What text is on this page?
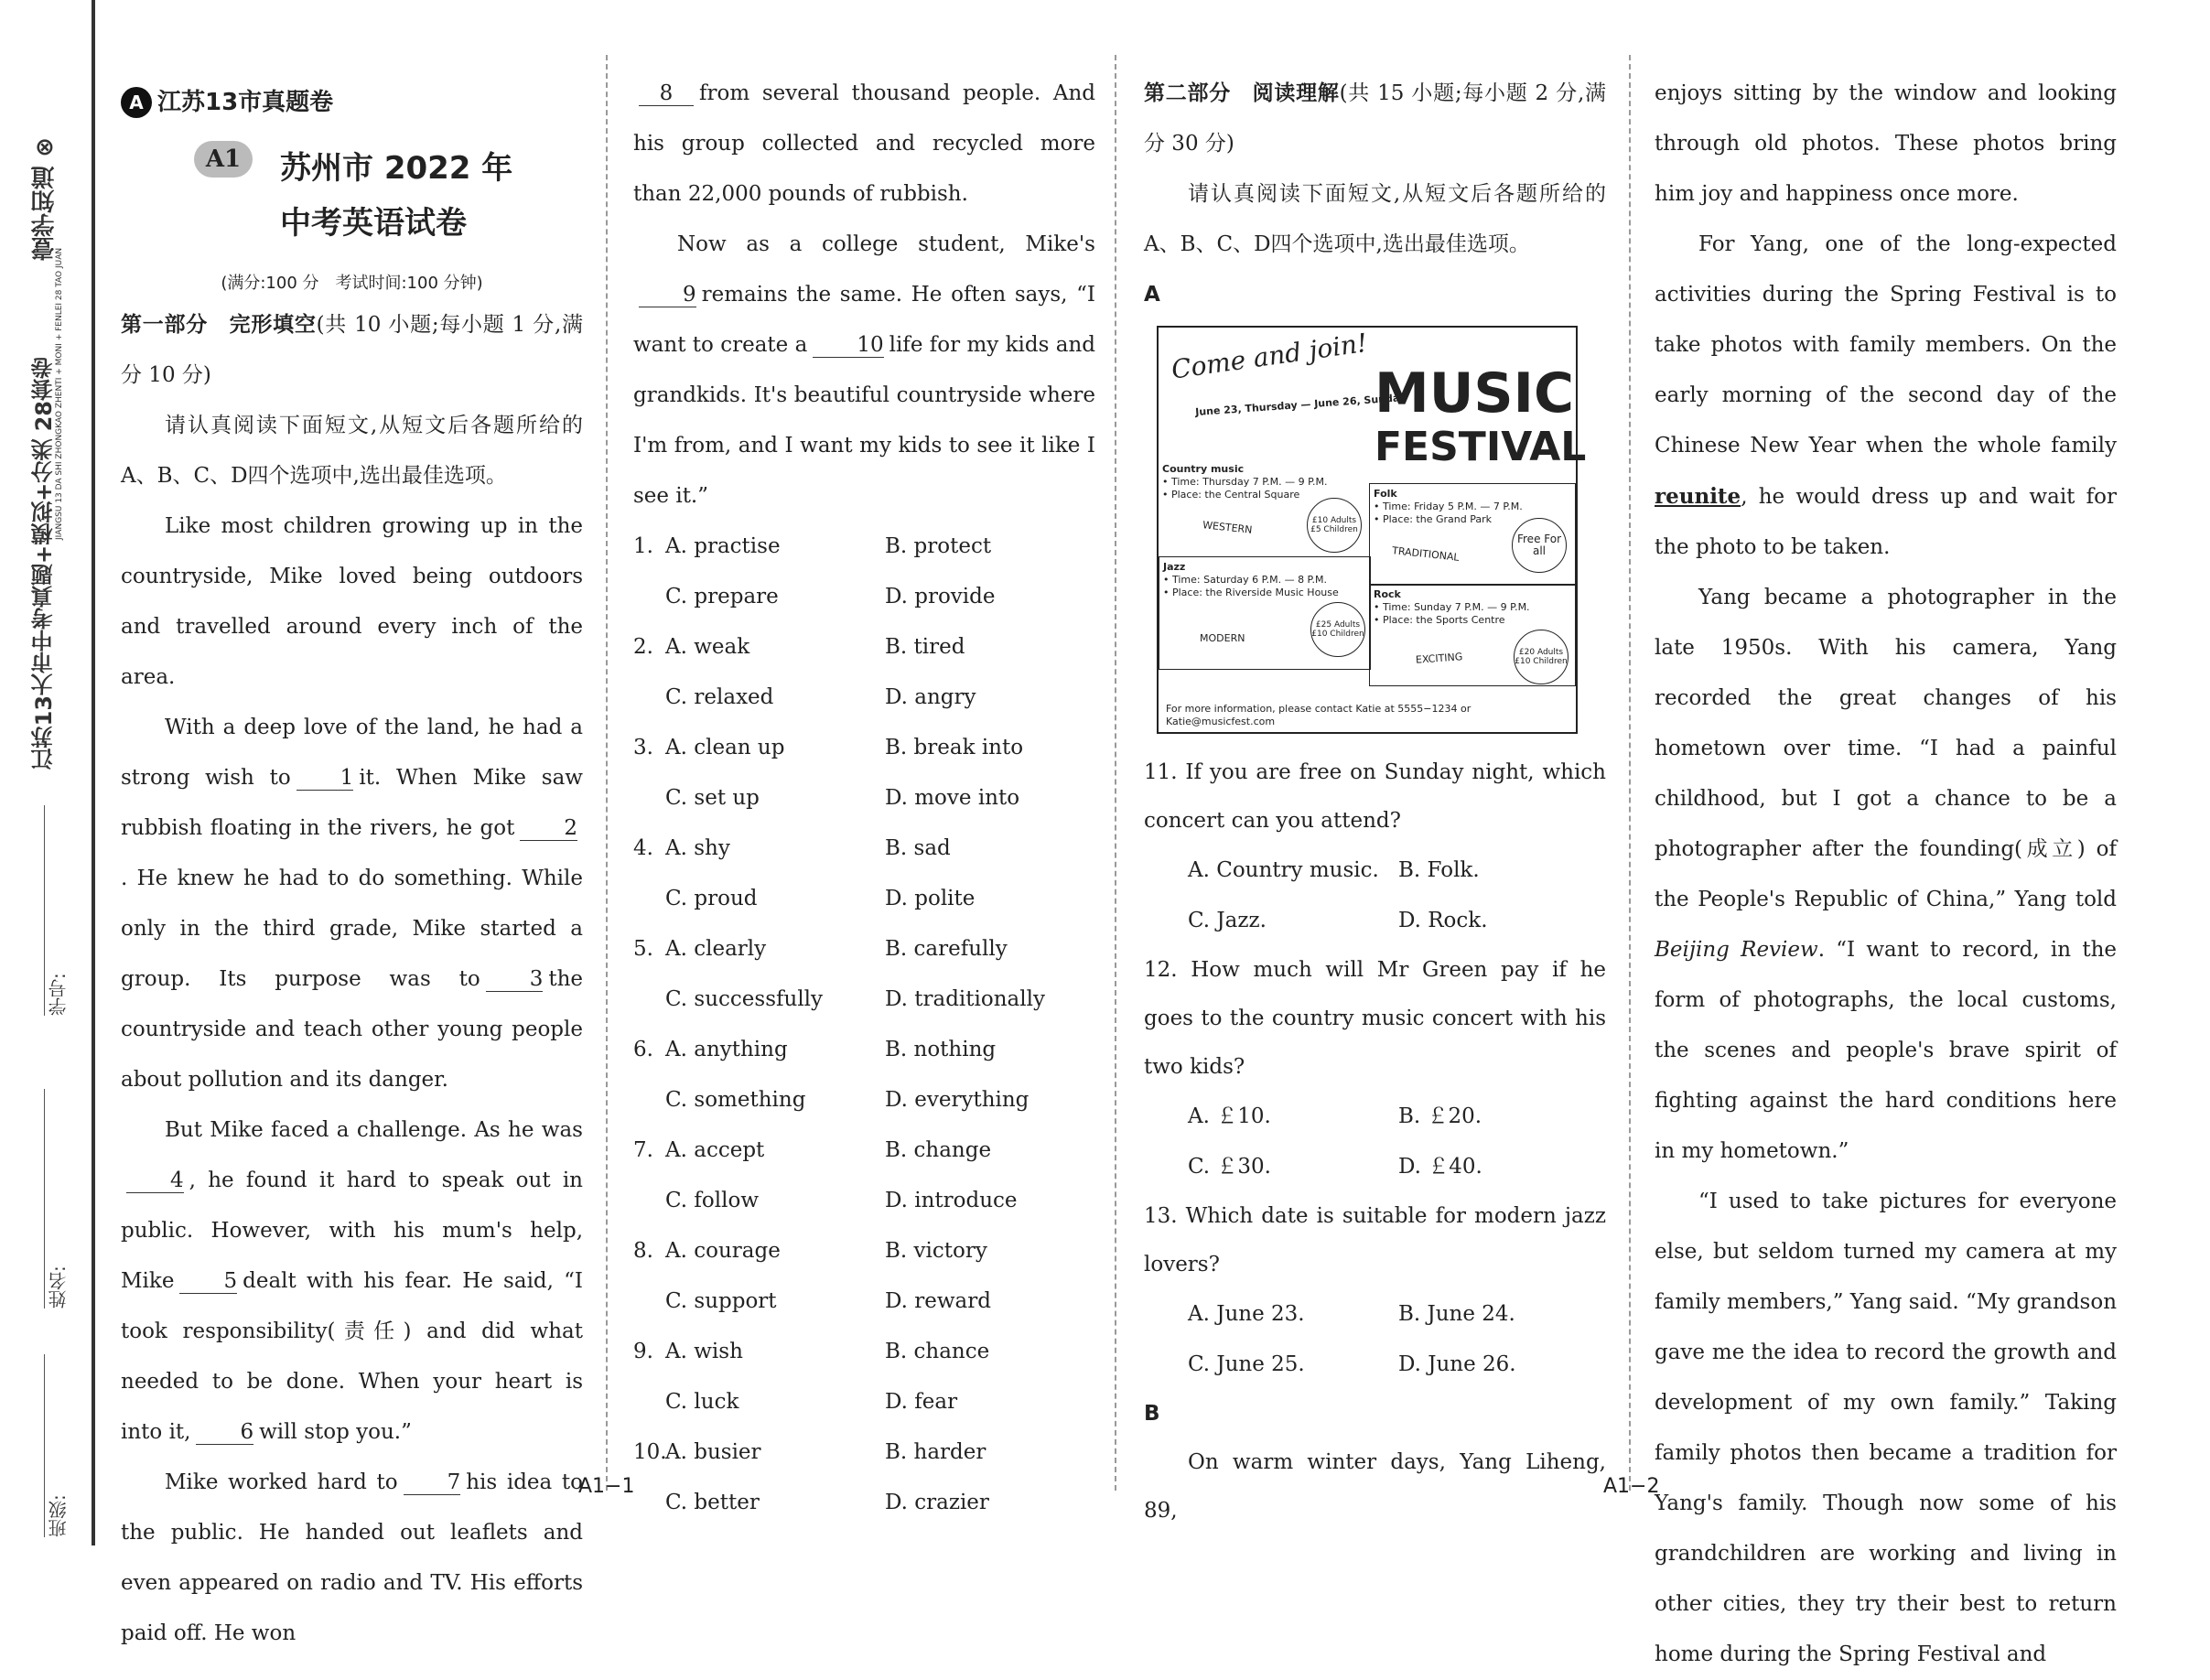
壹学知道 ⊗
江苏13大市中考真题+模拟+分类 28套卷
JIANGSU 13 DA SHI ZHONGKAO ZHENTI + MONI + FENLEI 28 TAO JUAN
学号:
姓名:
班级:
A 江苏13市真题卷
A1	苏州市 2022 年
中考英语试卷
(满分:100 分　考试时间:100 分钟)

第一部分　完形填空(共 10 小题;每小题 1 分,满分 10 分)

请认真阅读下面短文,从短文后各题所给的A、B、C、D四个选项中,选出最佳选项。

Like most children growing up in the countryside, Mike loved being outdoors and travelled around every inch of the area.

With a deep love of the land, he had a strong wish to 1 it. When Mike saw rubbish floating in the rivers, he got 2. He knew he had to do something. While only in the third grade, Mike started a group. Its purpose was to 3 the countryside and teach other young people about pollution and its danger.

But Mike faced a challenge. As he was4 , he found it hard to speak out in public. However, with his mum's help, Mike 5 dealt with his fear. He said, “I took responsibility(责任) and did what needed to be done. When your heart is into it, 6 will stop you.”

Mike worked hard to 7 his idea to the public. He handed out leaflets and even appeared on radio and TV. His efforts paid off. He won

8 from several thousand people. And his group collected and recycled more than 22,000 pounds of rubbish.

Now as a college student, Mike's9 remains the same. He often says, “I want to create a 10 life for my kids and grandkids. It's beautiful countryside where I'm from, and I want my kids to see it like I see it.”

1. A. practise	B. protect
C. prepare	D. provide
2. A. weak	B. tired
C. relaxed	D. angry
3. A. clean up	B. break into
C. set up	D. move into
4. A. shy	B. sad
C. proud	D. polite
5. A. clearly	B. carefully
C. successfully	D. traditionally
6. A. anything	B. nothing
C. something	D. everything
7. A. accept	B. change
C. follow	D. introduce
8. A. courage	B. victory
C. support	D. reward
9. A. wish	B. chance
C. luck	D. fear
10.
A. busier	B. harder
C. better	D. crazier

第二部分　阅读理解(共 15 小题;每小题 2 分,满分 30 分)

请认真阅读下面短文,从短文后各题所给的A、B、C、D四个选项中,选出最佳选项。

A

Come and join!
June 23, Thursday — June 26, Sunday
MUSIC
FESTIVAL
Country music
• Time: Thursday 7 P.M. — 9 P.M.
• Place: the Central Square
WESTERN	£10 Adults £5 Children
Folk
• Time: Friday 5 P.M. — 7 P.M.
• Place: the Grand Park
TRADITIONAL
Free For all
Jazz
• Time: Saturday 6 P.M. — 8 P.M.
• Place: the Riverside Music House
MODERN
£25 Adults £10 Children
Rock
• Time: Sunday 7 P.M. — 9 P.M.
• Place: the Sports Centre
EXCITING	£20 Adults £10 Children
For more information, please contact Katie at 5555−1234 or Katie@musicfest.com

11. If you are free on Sunday night, which concert can you attend?

A. Country music. B. Folk.
C. Jazz.	D. Rock.

12. How much will Mr Green pay if he goes to the country music concert with his two kids?

A. ￡10.	B. ￡20.
C. ￡30.	D. ￡40.

13. Which date is suitable for modern jazz lovers?

A. June 23.	B. June 24.
C. June 25.	D. June 26.

B

On warm winter days, Yang Liheng, 89,

enjoys sitting by the window and looking through old photos. These photos bring him joy and happiness once more.

For Yang, one of the long-expected activities during the Spring Festival is to take photos with family members. On the early morning of the second day of the Chinese New Year when the whole family reunite, he would dress up and wait for the photo to be taken.

Yang became a photographer in the late 1950s. With his camera, Yang recorded the great changes of his hometown over time. “I had a painful childhood, but I got a chance to be a photographer after the founding(成立) of the People's Republic of China,” Yang told Beijing Review. “I want to record, in the form of photographs, the local customs, the scenes and people's brave spirit of fighting against the hard conditions here in my hometown.”

“I used to take pictures for everyone else, but seldom turned my camera at my family members,” Yang said. “My grandson gave me the idea to record the growth and development of my own family.” Taking family photos then became a tradition for Yang's family. Though now some of his grandchildren are working and living in other cities, they try their best to return home during the Spring Festival and

A1−1	A1−2
